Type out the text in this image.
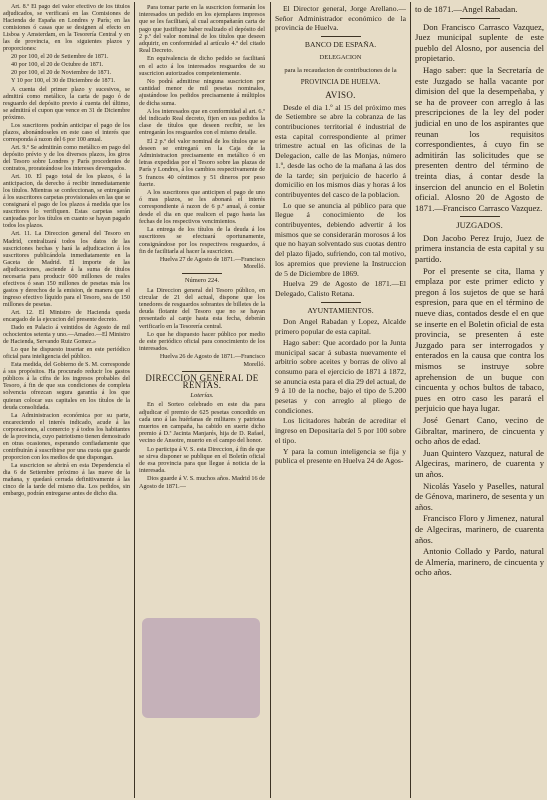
Art. 8.º El pago del valor efectivo de los títulos adjudicados, se verificará en las Comisiones de Hacienda de España en Londres y París; en las comisiones ó casas que se designen al efecto en Lisboa y Amsterdam, en la Tesorería Central y en las de provincia, en los siguientes plazos y proporciones:

20 por 100, el 20 de Setiembre de 1871.

40 por 100, el 20 de Octubre de 1871.

20 por 100, el 20 de Noviembre de 1871.

Y 10 por 100, el 30 de Diciembre de 1871.

A cuenta del primer plazo y sucesivos, se admitirá como metálico, la carta de pago ó de resguardo del depósito previo á cuenta del último, se admitirá el cupon que vence en 31 de Diciembre próximo.

Los suscritores podrán anticipar el pago de los plazos, abonándoseles en este caso el interés que corresponda á razon del 6 por 100 anual.

Art. 9.º Se admitirán como metálico en pago del depósito prévio y de los diversos plazos, los giros del Tesoro sobre Londres y París procedentes de contratos, prorateándose los intereses devengados.

Art. 10. El pago total de los plazos, ó la anticipacion, da derecho á recibir inmediatamente los títulos. Mientras se confeccionan, se entregarán á los suscritores carpetas provisionales en las que se consignará el pago de los plazos á medida que los suscritores lo verifiquen. Estas carpetas serán canjeadas por los títulos en cuanto se hayan pagado todos los plazos.

Art. 11. La Direccion general del Tesoro en Madrid, centralizará todos los datos de las suscriciones hechas y hará la adjudicacion á los suscritores publicándola inmediatamente en la Gaceta de Madrid. El importe de las adjudicaciones, asciende á la suma de títulos necesaria para producir 600 millones de reales efectivos ó sean 150 millones de pesetas más los gastos y derechos de la emision, de manera que el ingreso efectivo líquido para el Tesoro, sea de 150 millones de pesetas.

Art. 12. El Ministro de Hacienda queda encargado de la ejecucion del presente decreto.

Dado en Palacio á veintidos de Agosto de mil ochocientos setenta y uno.—Amadeo.—El Ministro de Hacienda, Servando Ruiz Gomez.»

Lo que he dispuesto insertar en este periódico oficial para inteligencia del público.

Esta medida, del Gobierno de S. M. corresponde á sus propósitos. Ha procurado reducir los gastos públicos á la cifra de los ingresos probables del Tesoro, á fin de que sus condiciones de completa solvencia ofrezcan segura garantía á los que quieran colocar sus capitales en los títulos de la deuda consolidada.

La Administracion económica por su parte, encareciendo el interés indicado, acude á las corporaciones, al comercio y á todos los habitantes de la provincia, cuyo patriotismo tienen demostrado en otras ocasiones, esperando confiadamente que contribuirán á suscribirse por una cuota que guarde proporcion con los medios de que dispongan.

La suscricion se abrirá en esta Dependencia el dia 6 de Setiembre próximo á las nueve de la mañana, y quedará cerrada definitivamente á las cinco de la tarde del mismo dia. Los pedidos, sin embargo, podrán entregarse antes de dicho dia.

Para tomar parte en la suscricion formarán los interesados un pedido en los ejemplares impresos que se les facilitará, al cual acompañarán carta de pago que justifique haber realizado el depósito del 2 p.º del valor nominal de los títulos que deseen adquirir, en conformidad al artículo 4.º del citado Real Decreto.

En equivalencia de dicho pedido se facilitará en el acto á los interesados resguardos de su suscricion autorizados competentemente.

No podrá admitirse ninguna suscricion por cantidad menor de mil pesetas nominales, ajustándose los pedidos precisamente á múltiplos de dicha suma.

A los interesados que en conformidad al art. 6.º del indicado Real decreto, fijen en sus pedidos la clase de títulos que deseen recibir, se les entregarán los resguardos con el mismo detalle.

El 2 p.º del valor nominal de los títulos que se deseen se entregará en la Caja de la Administracion precisamente en metálico ó en letras expedidas por el Tesoro sobre las plazas de París y Londres, á los cambios respectivamente de 5 francos 40 céntimos y 51 dineros por peso fuerte.

A los suscritores que anticipen el pago de uno ó mas plazos, se les abonará el interés correspondiente á razon de 6 p.º anual, á contar desde el dia en que realicen el pago hasta las fechas de los respectivos vencimientos.

La entrega de los títulos de la deuda á los suscritores se efectuará oportunamente, consignándose por los respectivos resguardos, á fin de facilitarla al hacer la suscricion.

Huelva 27 de Agosto de 1871.—Francisco Morelló.

Número 224.

La Direccion general del Tesoro público, en circular de 21 del actual, dispone que los tenedores de resguardos sobrantes de billetes de la deuda flotante del Tesoro que no se hayan presentado al canje hasta esta fecha, deberán verificarlo en la Tesorería central.

Lo que he dispuesto hacer público por medio de este periódico oficial para conocimiento de los interesados.

Huelva 26 de Agosto de 1871.—Francisco Morelló.

DIRECCION GENERAL DE RENTAS.
Loterías.

En el Sorteo celebrado en este dia para adjudicar el premio de 625 pesetas concedido en cada uno á las huérfanas de militares y patriotas muertos en campaña, ha cabido en suerte dicho premio á D.ª Jacinta Manjarés, hija de D. Rafael, vecino de Ansotre, muerto en el campo del honor.

Lo participa á V. S. esta Direccion, á fin de que se sirva disponer se publique en el Boletín oficial de esa provincia para que llegue á noticia de la interesada.

Dios guarde á V. S. muchos años. Madrid 16 de Agosto de 1871.—

El Director general, Jorge Arellano.—Señor Administrador económico de la provincia de Huelva.

BANCO DE ESPAÑA.
DELEGACION
para la recaudacion de contribuciones de la
PROVINCIA DE HUELVA.
AVISO.

Desde el dia 1.º al 15 del próximo mes de Setiembre se abre la cobranza de las contribuciones territorial é industrial de esta capital correspondiente al primer trimestre actual en las oficinas de la Delegacion, calle de las Monjas, número 1.º, desde las ocho de la mañana á las dos de la tarde; sin perjuicio de hacerlo á domicilio en los mismos dias y horas á los contribuyentes del casco de la poblacion.

Lo que se anuncia al público para que llegue á conocimiento de los contribuyentes, debiendo advertir á los mismos que se considerarán morosos á los que no hayan solventado sus cuotas dentro del plazo fijado, sufriendo, con tal motivo, los apremios que previene la Instruccion de 5 de Diciembre de 1869.

Huelva 29 de Agosto de 1871.—El Delegado, Calisto Retana.

AYUNTAMIENTOS.

Don Angel Rabadan y Lopez, Alcalde primero popular de esta capital.

Hago saber: Que acordado por la Junta municipal sacar á subasta nuevamente el arbitrio sobre aceites y borras de olivo al consumo para el ejercicio de 1871 á 1872, se anuncia esta para el dia 29 del actual, de 9 á 10 de la noche, bajo el tipo de 5.200 pesetas y con arreglo al pliego de condiciones.

Los licitadores habrán de acreditar el ingreso en Depositaría del 5 por 100 sobre el tipo.

Y para la comun inteligencia se fija y publica el presente en Huelva 24 de Agos-

to de 1871.—Angel Rabadan.

Don Francisco Carrasco Vazquez, Juez municipal suplente de este pueblo del Alosno, por ausencia del propietario.

Hago saber: que la Secretaría de este Juzgado se halla vacante por dimision del que la desempeñaba, y se ha de proveer con arreglo á las prescripciones de la ley del poder judicial en uno de los aspirantes que reunan los requisitos correspondientes, á cuyo fin se admitirán las solicitudes que se presenten dentro del término de treinta dias, á contar desde la insercion del anuncio en el Boletin oficial. Alosno 20 de Agosto de 1871.—Francisco Carrasco Vazquez.

JUZGADOS.

Don Jacobo Perez Irujo, Juez de primera instancia de esta capital y su partido.

Por el presente se cita, llama y emplaza por este primer edicto y pregon á los sujetos de que se hará espresion, para que en el término de nueve dias, contados desde el en que se inserte en el Boletin oficial de esta provincia, se presenten á este Juzgado para ser interrogados y enterados en la causa que contra los mismos se instruye sobre aprehension de un buque con cincuenta y ochos bultos de tabaco, pues en otro caso les parará el perjuicio que haya lugar.

José Genart Cano, vecino de Gibraltar, marinero, de cincuenta y ocho años de edad.

Juan Quintero Vazquez, natural de Algeciras, marinero, de cuarenta y un años.

Nicolás Yaselo y Paselles, natural de Génova, marinero, de sesenta y un años.

Francisco Floro y Jimenez, natural de Algeciras, marinero, de cuarenta años.

Antonio Collado y Pardo, natural de Almería, marinero, de cincuenta y ocho años.
